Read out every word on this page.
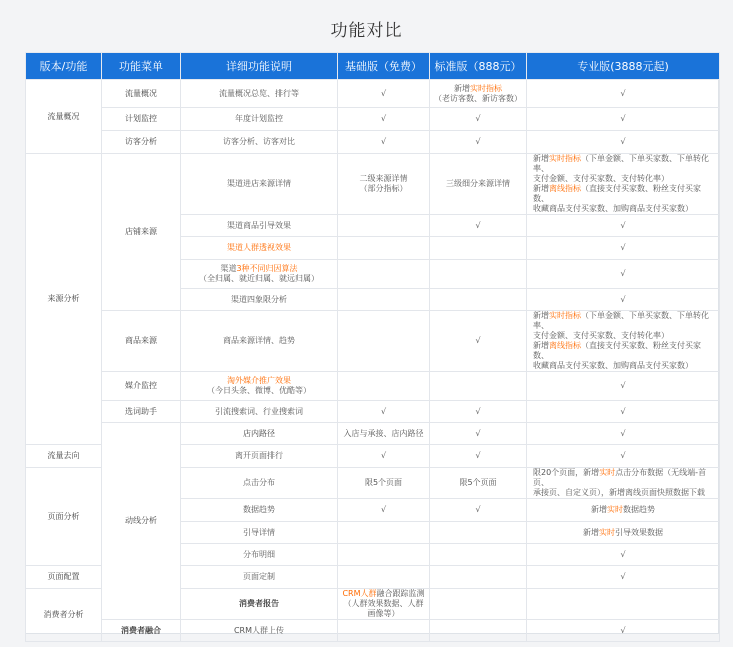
功能对比
版本/功能	功能菜单	详细功能说明	基础版（免费）	标准版（888元）	专业版(3888元起)	
流量概况	流量概况	流量概况总览、排行等	√	新增实时指标
（老访客数、新访客数）	√	
	计划监控	年度计划监控	√	√	√	
	访客分析	访客分析、访客对比	√	√	√	
来源分析	店铺来源	渠道进店来源详情	二级来源详情
（部分指标）	三级细分来源详情	新增实时指标（下单金额、下单买家数、下单转化率、
支付金额、支付买家数、支付转化率）
新增离线指标（直接支付买家数、粉丝支付买家数、
收藏商品支付买家数、加购商品支付买家数）	
		渠道商品引导效果		√	√	
		渠道人群透视效果			√	
		渠道3种不同归因算法
（全归属、就近归属、就远归属）			√	
		渠道四象限分析			√	
	商品来源	商品来源详情、趋势		√	新增实时指标（下单金额、下单买家数、下单转化率、
支付金额、支付买家数、支付转化率）
新增离线指标（直接支付买家数、粉丝支付买家数、
收藏商品支付买家数、加购商品支付买家数）	
	媒介监控	淘外媒介推广效果
（今日头条、微博、优酷等）			√	
	选词助手	引流搜索词、行业搜索词	√	√	√	
	动线分析	店内路径	入店与承接、店内路径	√	√	
流量去向		离开页面排行	√	√	√	
页面分析		点击分布	限5个页面	限5个页面	限20个页面，新增实时点击分布数据（无线端-首页、
承接页、自定义页），新增离线页面快照数据下载	
		数据趋势	√	√	新增实时数据趋势	
		引导详情			新增实时引导效果数据	
		分布明细			√	
页面配置		页面定制			√	
消费者分析		消费者报告	CRM人群融合跟踪监测
（人群效果数据、人群画像等）			
	消费者融合	CRM人群上传			√	
